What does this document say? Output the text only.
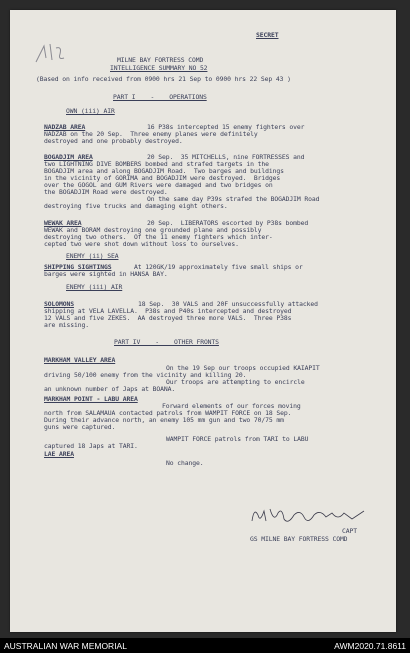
SECRET
MILNE BAY FORTRESS COMD
INTELLIGENCE SUMMARY NO 52
(Based on info received from 0900 hrs 21 Sep to 0900 hrs 22 Sep 43 )
PART I    -    OPERATIONS
OWN (iii) AIR
NADZAB AREA	16 P38s intercepted 15 enemy fighters over
NADZAB on the 20 Sep.  Three enemy planes were definitely
destroyed and one probably destroyed.
BOGADJIM AREA	20 Sep.  35 MITCHELLS, nine FORTRESSES and
two LIGHTNING DIVE BOMBERS bombed and strafed targets in the
BOGADJIM area and along BOGADJIM Road.  Two barges and buildings
in the vicinity of GORIMA and BOGADJIM were destroyed.  Bridges
over the GOGOL and GUM Rivers were damaged and two bridges on
the BOGADJIM Road were destroyed.
On the same day P39s strafed the BOGADJIM Road
destroying five trucks and damaging eight others.
WEWAK AREA	20 Sep.  LIBERATORS escorted by P38s bombed
WEWAK and BORAM destroying one grounded plane and possibly
destroying two others.  Of the 11 enemy fighters which inter-
cepted two were shot down without loss to ourselves.
ENEMY (ii) SEA
SHIPPING SIGHTINGS	At 120GK/19 approximately five small ships or
barges were sighted in HANSA BAY.
ENEMY (iii) AIR
SOLOMONS	18 Sep.  30 VALS and 20F unsuccessfully attacked
shipping at VELA LAVELLA.  P38s and P40s intercepted and destroyed
12 VALS and five ZEKES.  AA destroyed three more VALS.  Three P38s
are missing.
PART IV    -    OTHER FRONTS
MARKHAM VALLEY AREA
On the 19 Sep our troops occupied KAIAPIT
driving 50/100 enemy from the vicinity and killing 20.
Our troops are attempting to encircle
an unknown number of Japs at BOANA.
MARKHAM POINT - LABU AREA
Forward elements of our forces moving
north from SALAMAUA contacted patrols from WAMPIT FORCE on 18 Sep.
During their advance north, an enemy 105 mm gun and two 70/75 mm
guns were captured.
WAMPIT FORCE patrols from TARI to LABU
captured 18 Japs at TARI.
LAE AREA
No change.
CAPT
GS MILNE BAY FORTRESS COMD
AUSTRALIAN WAR MEMORIAL	AWM2020.71.8611
